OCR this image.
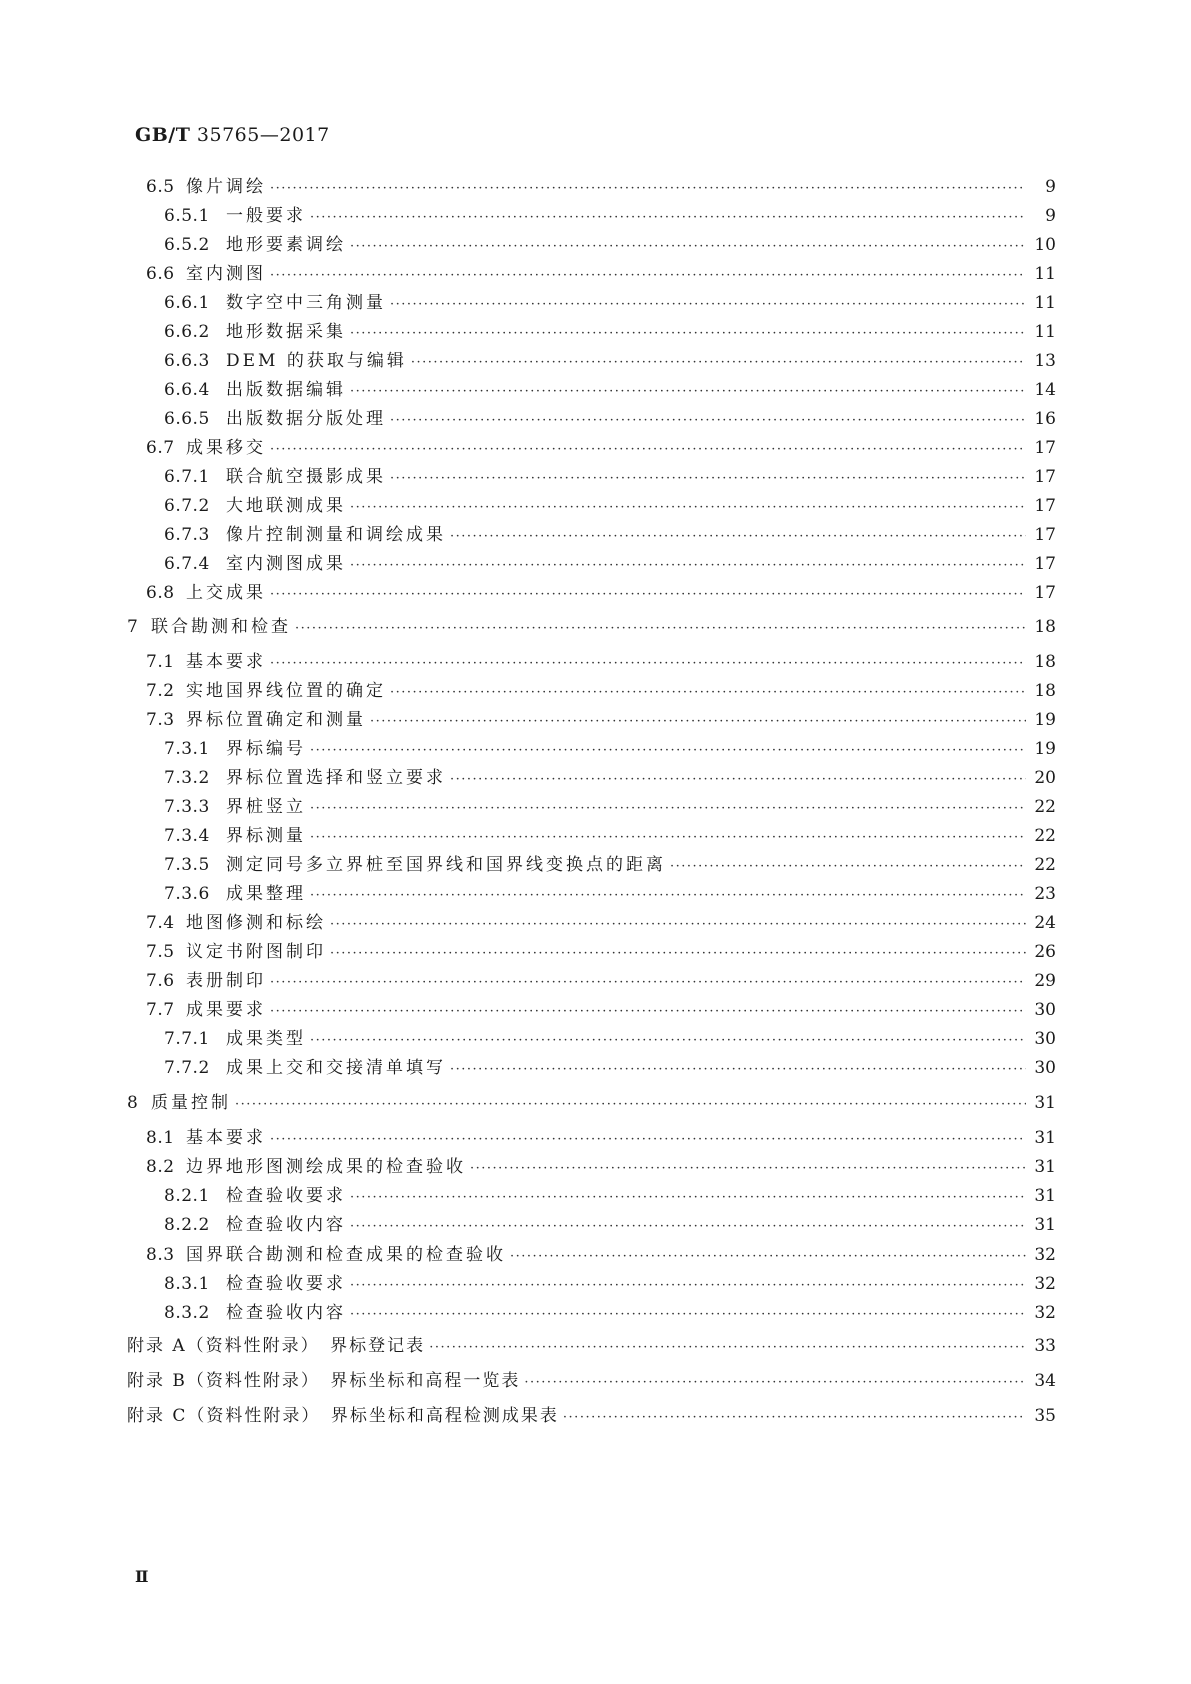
GB/T 35765—2017
6.5 像片调绘 ·····	9
6.5.1 一般要求 ·····	9
6.5.2 地形要素调绘 ·····	10
6.6 室内测图 ·····	11
6.6.1 数字空中三角测量 ·····	11
6.6.2 地形数据采集 ·····	11
6.6.3 DEM 的获取与编辑 ·····	13
6.6.4 出版数据编辑 ·····	14
6.6.5 出版数据分版处理 ·····	16
6.7 成果移交 ·····	17
6.7.1 联合航空摄影成果 ·····	17
6.7.2 大地联测成果 ·····	17
6.7.3 像片控制测量和调绘成果 ·····	17
6.7.4 室内测图成果 ·····	17
6.8 上交成果 ·····	17
7 联合勘测和检查 ·····	18
7.1 基本要求 ·····	18
7.2 实地国界线位置的确定 ·····	18
7.3 界标位置确定和测量 ·····	19
7.3.1 界标编号 ·····	19
7.3.2 界标位置选择和竖立要求 ·····	20
7.3.3 界桩竖立 ·····	22
7.3.4 界标测量 ·····	22
7.3.5 测定同号多立界桩至国界线和国界线变换点的距离 ·····	22
7.3.6 成果整理 ·····	23
7.4 地图修测和标绘 ·····	24
7.5 议定书附图制印 ·····	26
7.6 表册制印 ·····	29
7.7 成果要求 ·····	30
7.7.1 成果类型 ·····	30
7.7.2 成果上交和交接清单填写 ·····	30
8 质量控制 ·····	31
8.1 基本要求 ·····	31
8.2 边界地形图测绘成果的检查验收 ·····	31
8.2.1 检查验收要求 ·····	31
8.2.2 检查验收内容 ·····	31
8.3 国界联合勘测和检查成果的检查验收 ·····	32
8.3.1 检查验收要求 ·····	32
8.3.2 检查验收内容 ·····	32
附录 A（资料性附录）　界标登记表 ·····	33
附录 B（资料性附录）　界标坐标和高程一览表 ·····	34
附录 C（资料性附录）　界标坐标和高程检测成果表 ·····	35
Ⅱ
